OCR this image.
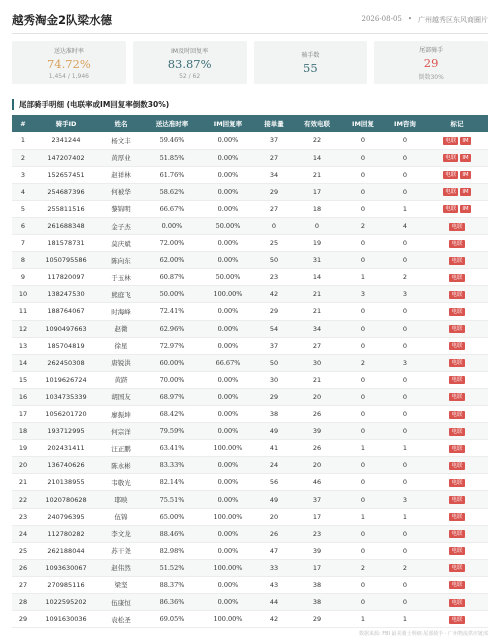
越秀淘金2队梁水德	2026-08-05 • 广州越秀区东风商圈片
送达准时率
74.72%
1,454 / 1,946
IM及时回复率
83.87%
52 / 62
骑手数
55
尾部骑手
29
倒数30%
尾部骑手明细 (电联率或IM回复率倒数30%)
#	骑手ID	姓名	送达准时率	IM回复率	接单量	有效电联	IM回复	IM咨询	标记
1	2341244	杨文丰	59.46%	0.00%	37	22	0	0	电联 IM
2	147207402	黄厚业	51.85%	0.00%	27	14	0	0	电联 IM
3	152657451	赵祥林	61.76%	0.00%	34	21	0	0	电联 IM
4	254687396	何被华	58.62%	0.00%	29	17	0	0	电联 IM
5	255811516	黎锦明	66.67%	0.00%	27	18	0	1	电联 IM
6	261688348	金子杰	0.00%	50.00%	0	0	2	4	电联
7	181578731	莫庆斌	72.00%	0.00%	25	19	0	0	电联
8	1050795586	陈向东	62.00%	0.00%	50	31	0	0	电联
9	117820097	于玉林	60.87%	50.00%	23	14	1	2	电联
10	138247530	熊庭飞	50.00%	100.00%	42	21	3	3	电联
11	188764067	时海峰	72.41%	0.00%	29	21	0	0	电联
12	1090497663	赵微	62.96%	0.00%	54	34	0	0	电联
13	185704819	徐星	72.97%	0.00%	37	27	0	0	电联
14	262450308	唐锐洪	60.00%	66.67%	50	30	2	3	电联
15	1019626724	黄跻	70.00%	0.00%	30	21	0	0	电联
16	1034735339	胡国友	68.97%	0.00%	29	20	0	0	电联
17	1056201720	廖振坤	68.42%	0.00%	38	26	0	0	电联
18	193712995	何宗洋	79.59%	0.00%	49	39	0	0	电联
19	202431411	汪正鹏	63.41%	100.00%	41	26	1	1	电联
20	136740626	陈永彬	83.33%	0.00%	24	20	0	0	电联
21	210138955	韦敬光	82.14%	0.00%	56	46	0	0	电联
22	1020780628	耶映	75.51%	0.00%	49	37	0	3	电联
23	240796395	伍锦	65.00%	100.00%	20	17	1	1	电联
24	112780282	李文龙	88.46%	0.00%	26	23	0	0	电联
25	262188044	苏干尧	82.98%	0.00%	47	39	0	0	电联
26	1093630067	赵伟然	51.52%	100.00%	33	17	2	2	电联
27	270985116	梁坚	88.37%	0.00%	43	38	0	0	电联
28	1022595202	伍康恒	86.36%	0.00%	44	38	0	0	电联
29	1091630036	袁松圣	69.05%	100.00%	42	29	1	1	电联
数据来源: FBI 最美骑士明细·尾部骑手 · 广州物流供应链部
